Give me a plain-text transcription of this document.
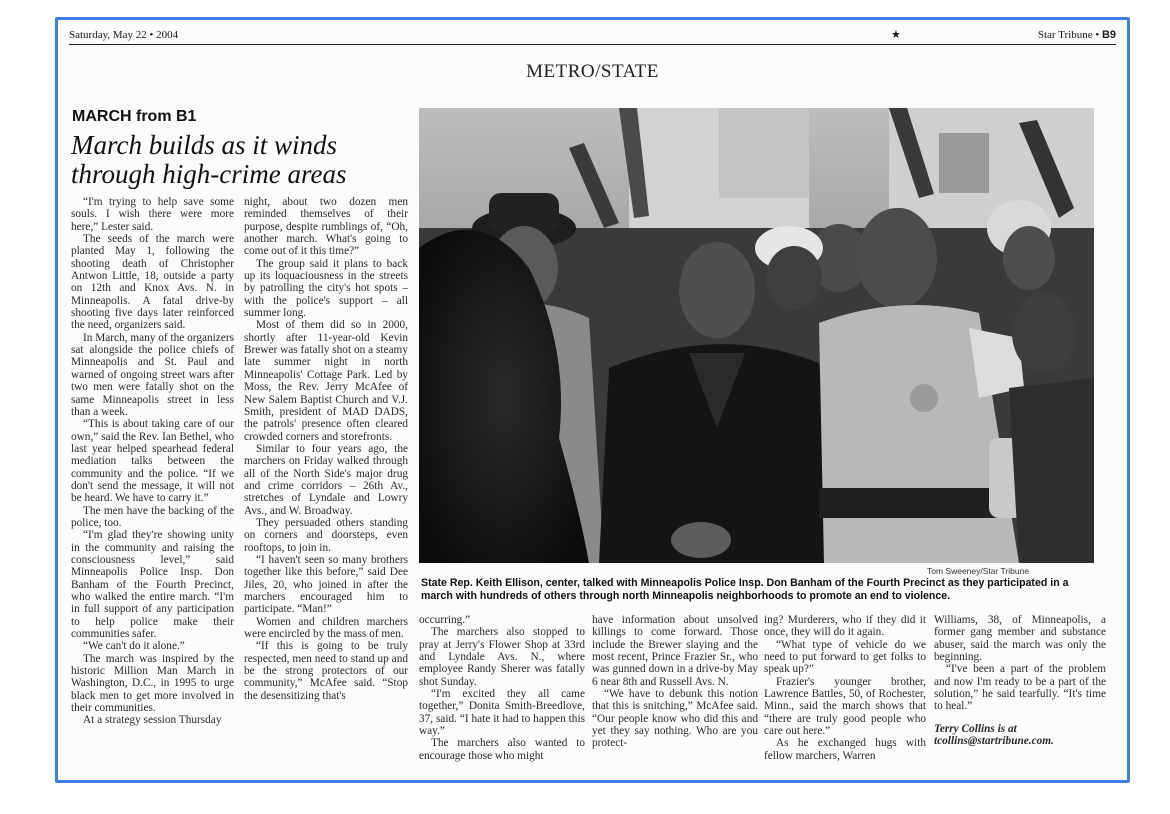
Saturday, May 22 • 2004	★	Star Tribune • B9
METRO/STATE
MARCH from B1
March builds as it winds through high-crime areas

“I'm trying to help save some souls. I wish there were more here,” Lester said.

The seeds of the march were planted May 1, following the shooting death of Christopher Antwon Little, 18, outside a party on 12th and Knox Avs. N. in Minneapolis. A fatal drive-by shooting five days later reinforced the need, organizers said.

In March, many of the organizers sat alongside the police chiefs of Minneapolis and St. Paul and warned of ongoing street wars after two men were fatally shot on the same Minneapolis street in less than a week.

“This is about taking care of our own,” said the Rev. Ian Bethel, who last year helped spearhead federal mediation talks between the community and the police. “If we don't send the message, it will not be heard. We have to carry it.”

The men have the backing of the police, too.

“I'm glad they're showing unity in the community and raising the consciousness level,” said Minneapolis Police Insp. Don Banham of the Fourth Precinct, who walked the entire march. “I'm in full support of any participation to help police make their communities safer.

“We can't do it alone.”

The march was inspired by the historic Million Man March in Washington, D.C., in 1995 to urge black men to get more involved in their communities.

At a strategy session Thursday

night, about two dozen men reminded themselves of their purpose, despite rumblings of, “Oh, another march. What's going to come out of it this time?”

The group said it plans to back up its loquaciousness in the streets by patrolling the city's hot spots – with the police's support – all summer long.

Most of them did so in 2000, shortly after 11-year-old Kevin Brewer was fatally shot on a steamy late summer night in north Minneapolis' Cottage Park. Led by Moss, the Rev. Jerry McAfee of New Salem Baptist Church and V.J. Smith, president of MAD DADS, the patrols' presence often cleared crowded corners and storefronts.

Similar to four years ago, the marchers on Friday walked through all of the North Side's major drug and crime corridors – 26th Av., stretches of Lyndale and Lowry Avs., and W. Broadway.

They persuaded others standing on corners and doorsteps, even rooftops, to join in.

“I haven't seen so many brothers together like this before,” said Dee Jiles, 20, who joined in after the marchers encouraged him to participate. “Man!”

Women and children marchers were encircled by the mass of men.

“If this is going to be truly respected, men need to stand up and be the strong protectors of our community,” McAfee said. “Stop the desensitizing that's

Tom Sweeney/Star Tribune
State Rep. Keith Ellison, center, talked with Minneapolis Police Insp. Don Banham of the Fourth Precinct as they participated in a march with hundreds of others through north Minneapolis neighborhoods to promote an end to violence.

occurring.”

The marchers also stopped to pray at Jerry's Flower Shop at 33rd and Lyndale Avs. N., where employee Randy Sherer was fatally shot Sunday.

“I'm excited they all came together,” Donita Smith-Breedlove, 37, said. “I hate it had to happen this way.”

The marchers also wanted to encourage those who might

have information about unsolved killings to come forward. Those include the Brewer slaying and the most recent, Prince Frazier Sr., who was gunned down in a drive-by May 6 near 8th and Russell Avs. N.

“We have to debunk this notion that this is snitching,” McAfee said. “Our people know who did this and yet they say nothing. Who are you protect-

ing? Murderers, who if they did it once, they will do it again.

“What type of vehicle do we need to put forward to get folks to speak up?”

Frazier's younger brother, Lawrence Battles, 50, of Rochester, Minn., said the march shows that “there are truly good people who care out here.”

As he exchanged hugs with fellow marchers, Warren

Williams, 38, of Minneapolis, a former gang member and substance abuser, said the march was only the beginning.

“I've been a part of the problem and now I'm ready to be a part of the solution,” he said tearfully. “It's time to heal.”

Terry Collins is at
tcollins@startribune.com.
